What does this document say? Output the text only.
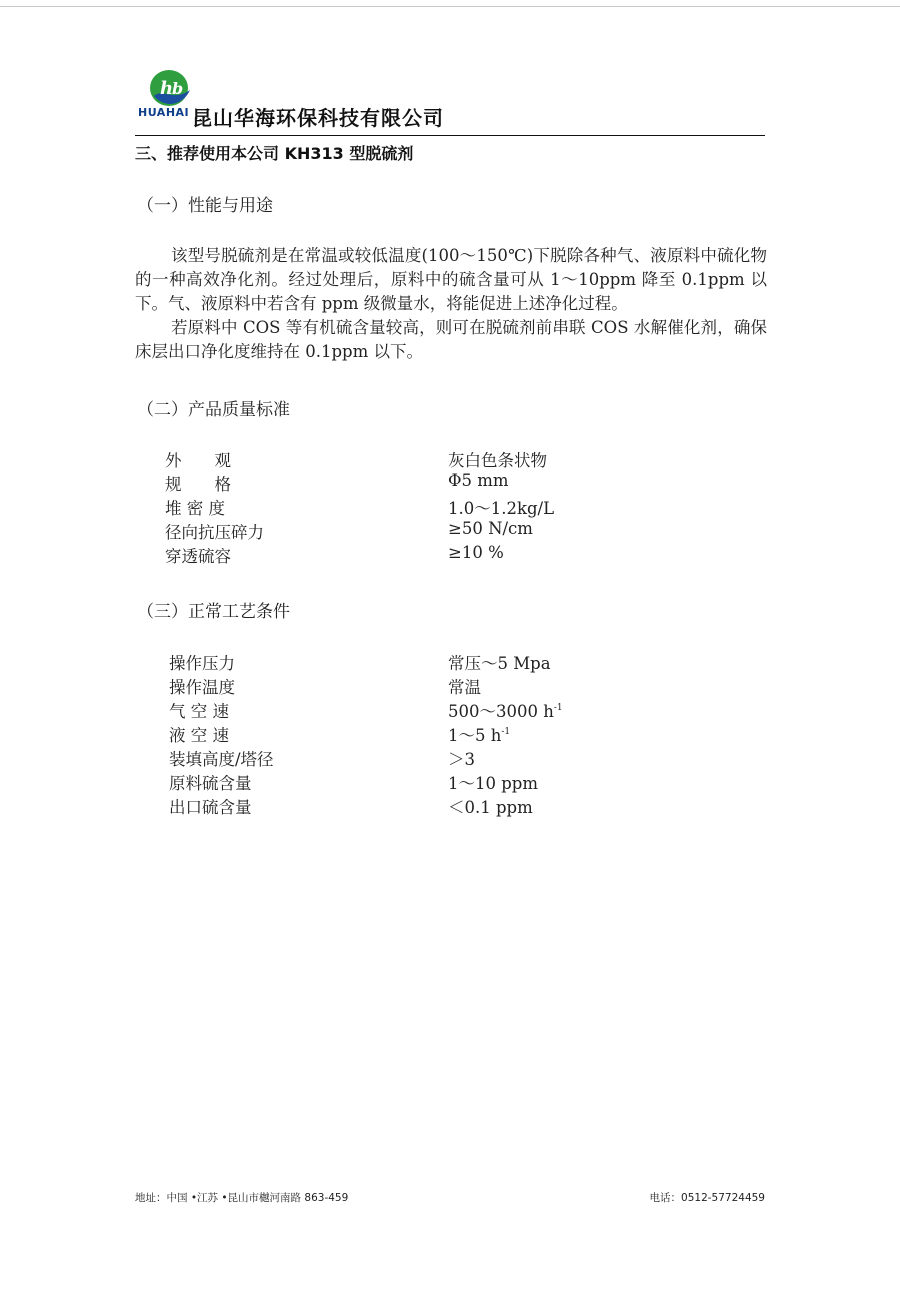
h
b
HUAHAI 昆山华海环保科技有限公司
三、推荐使用本公司 KH313 型脱硫剂
（一）性能与用途

该型号脱硫剂是在常温或较低温度(100～150℃)下脱除各种气、液原料中硫化物的一种高效净化剂。经过处理后，原料中的硫含量可从 1～10ppm 降至 0.1ppm 以下。气、液原料中若含有 ppm 级微量水，将能促进上述净化过程。

若原料中 COS 等有机硫含量较高，则可在脱硫剂前串联 COS 水解催化剂，确保床层出口净化度维持在 0.1ppm 以下。

（二）产品质量标准
外　　观	灰白色条状物
规　　格	Φ5 mm
堆 密 度	1.0～1.2kg/L
径向抗压碎力	≥50 N/cm
穿透硫容	≥10 %
（三）正常工艺条件
操作压力	常压～5 Mpa
操作温度	常温
气 空 速	500～3000 $h^{-1}$
液 空 速	1～5 $h^{-1}$
装填高度/塔径	＞3
原料硫含量	1～10 ppm
出口硫含量	＜0.1 ppm
地址：中国 •江苏 •昆山市樾河南路 863-459	电话：0512-57724459
